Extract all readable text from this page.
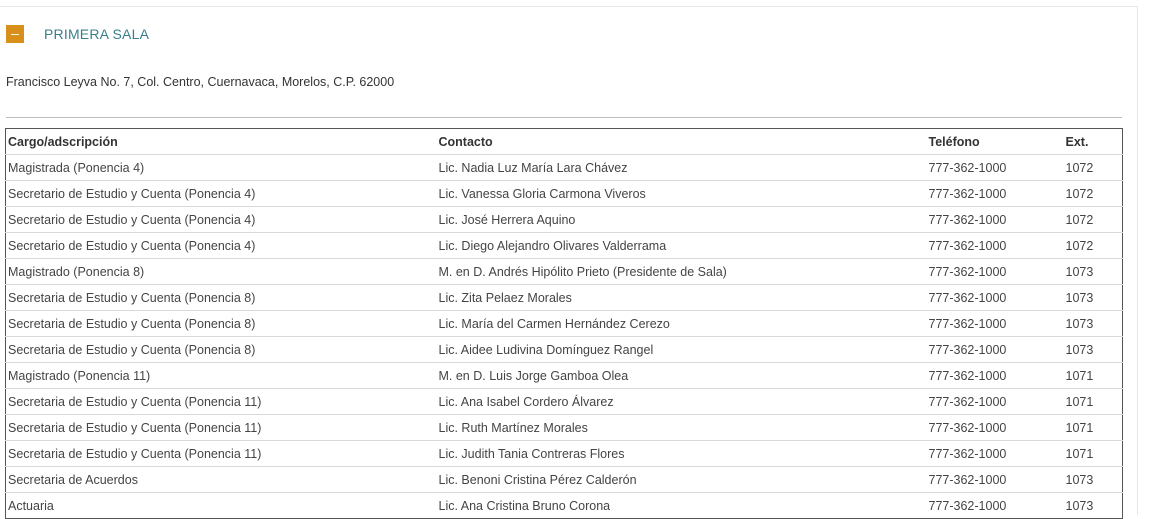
–	PRIMERA SALA
Francisco Leyva No. 7, Col. Centro, Cuernavaca, Morelos, C.P. 62000
Cargo/adscripción	Contacto	Teléfono	Ext.
Magistrada (Ponencia 4)	Lic. Nadia Luz María Lara Chávez	777-362-1000	1072
Secretario de Estudio y Cuenta (Ponencia 4)	Lic. Vanessa Gloria Carmona Viveros	777-362-1000	1072
Secretario de Estudio y Cuenta (Ponencia 4)	Lic. José Herrera Aquino	777-362-1000	1072
Secretario de Estudio y Cuenta (Ponencia 4)	Lic. Diego Alejandro Olivares Valderrama	777-362-1000	1072
Magistrado (Ponencia 8)	M. en D. Andrés Hipólito Prieto (Presidente de Sala)	777-362-1000	1073
Secretaria de Estudio y Cuenta (Ponencia 8)	Lic. Zita Pelaez Morales	777-362-1000	1073
Secretaria de Estudio y Cuenta (Ponencia 8)	Lic. María del Carmen Hernández Cerezo	777-362-1000	1073
Secretaria de Estudio y Cuenta (Ponencia 8)	Lic. Aidee Ludivina Domínguez Rangel	777-362-1000	1073
Magistrado (Ponencia 11)	M. en D. Luis Jorge Gamboa Olea	777-362-1000	1071
Secretaria de Estudio y Cuenta (Ponencia 11)	Lic. Ana Isabel Cordero Álvarez	777-362-1000	1071
Secretaria de Estudio y Cuenta (Ponencia 11)	Lic. Ruth Martínez Morales	777-362-1000	1071
Secretaria de Estudio y Cuenta (Ponencia 11)	Lic. Judith Tania Contreras Flores	777-362-1000	1071
Secretaria de Acuerdos	Lic. Benoni Cristina Pérez Calderón	777-362-1000	1073
Actuaria	Lic. Ana Cristina Bruno Corona	777-362-1000	1073
